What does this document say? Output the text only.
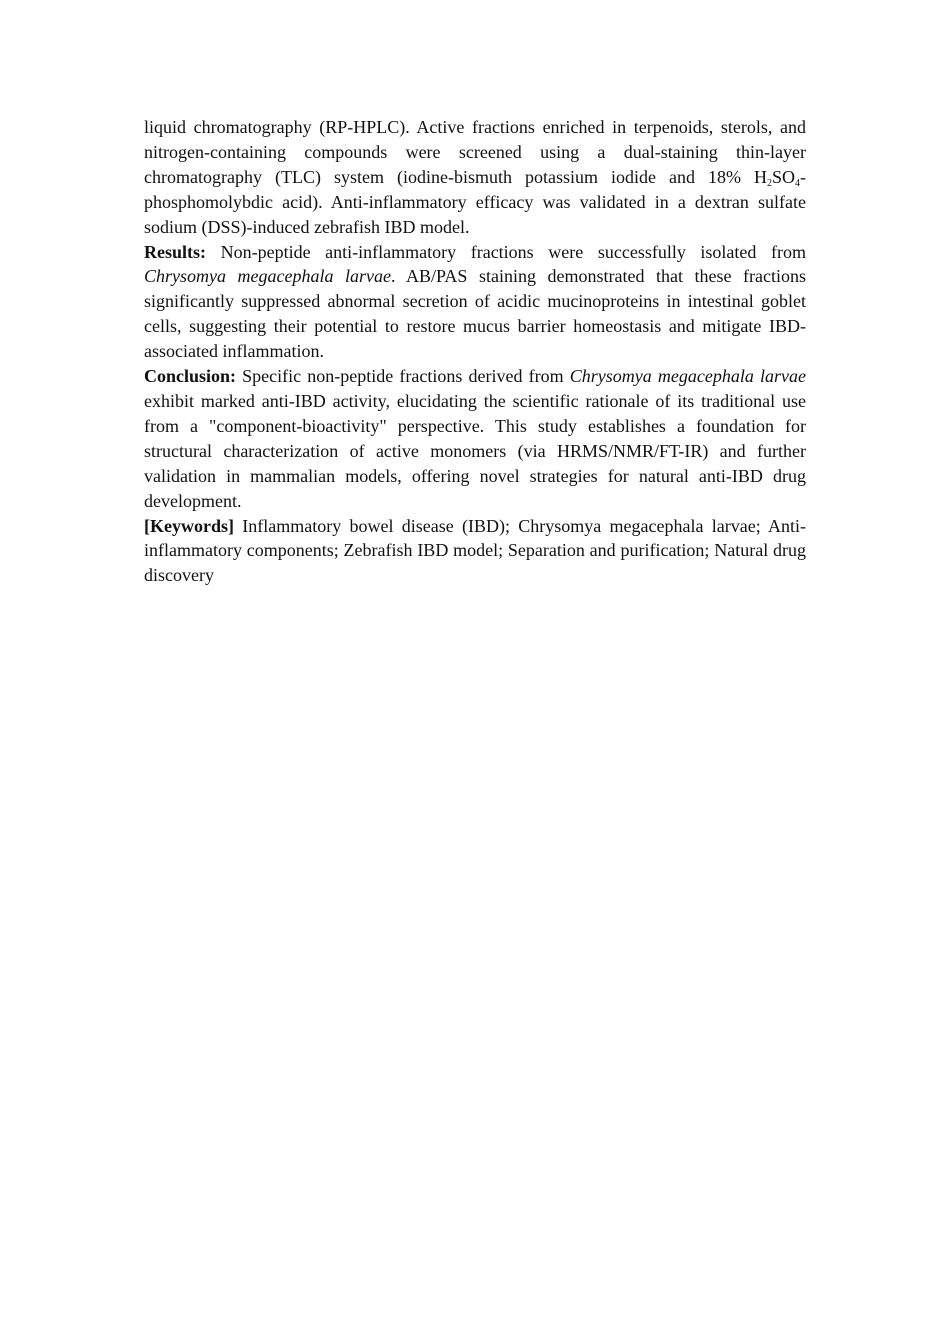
liquid chromatography (RP-HPLC). Active fractions enriched in terpenoids, sterols, and nitrogen-containing compounds were screened using a dual-staining thin-layer chromatography (TLC) system (iodine-bismuth potassium iodide and 18% $H_2SO_4$-phosphomolybdic acid). Anti-inflammatory efficacy was validated in a dextran sulfate sodium (DSS)-induced zebrafish IBD model.

Results: Non-peptide anti-inflammatory fractions were successfully isolated from Chrysomya megacephala larvae. AB/PAS staining demonstrated that these fractions significantly suppressed abnormal secretion of acidic mucinoproteins in intestinal goblet cells, suggesting their potential to restore mucus barrier homeostasis and mitigate IBD-associated inflammation.

Conclusion: Specific non-peptide fractions derived from Chrysomya megacephala larvae exhibit marked anti-IBD activity, elucidating the scientific rationale of its traditional use from a "component-bioactivity" perspective. This study establishes a foundation for structural characterization of active monomers (via HRMS/NMR/FT-IR) and further validation in mammalian models, offering novel strategies for natural anti-IBD drug development.

[Keywords] Inflammatory bowel disease (IBD); Chrysomya megacephala larvae; Anti-inflammatory components; Zebrafish IBD model; Separation and purification; Natural drug discovery
